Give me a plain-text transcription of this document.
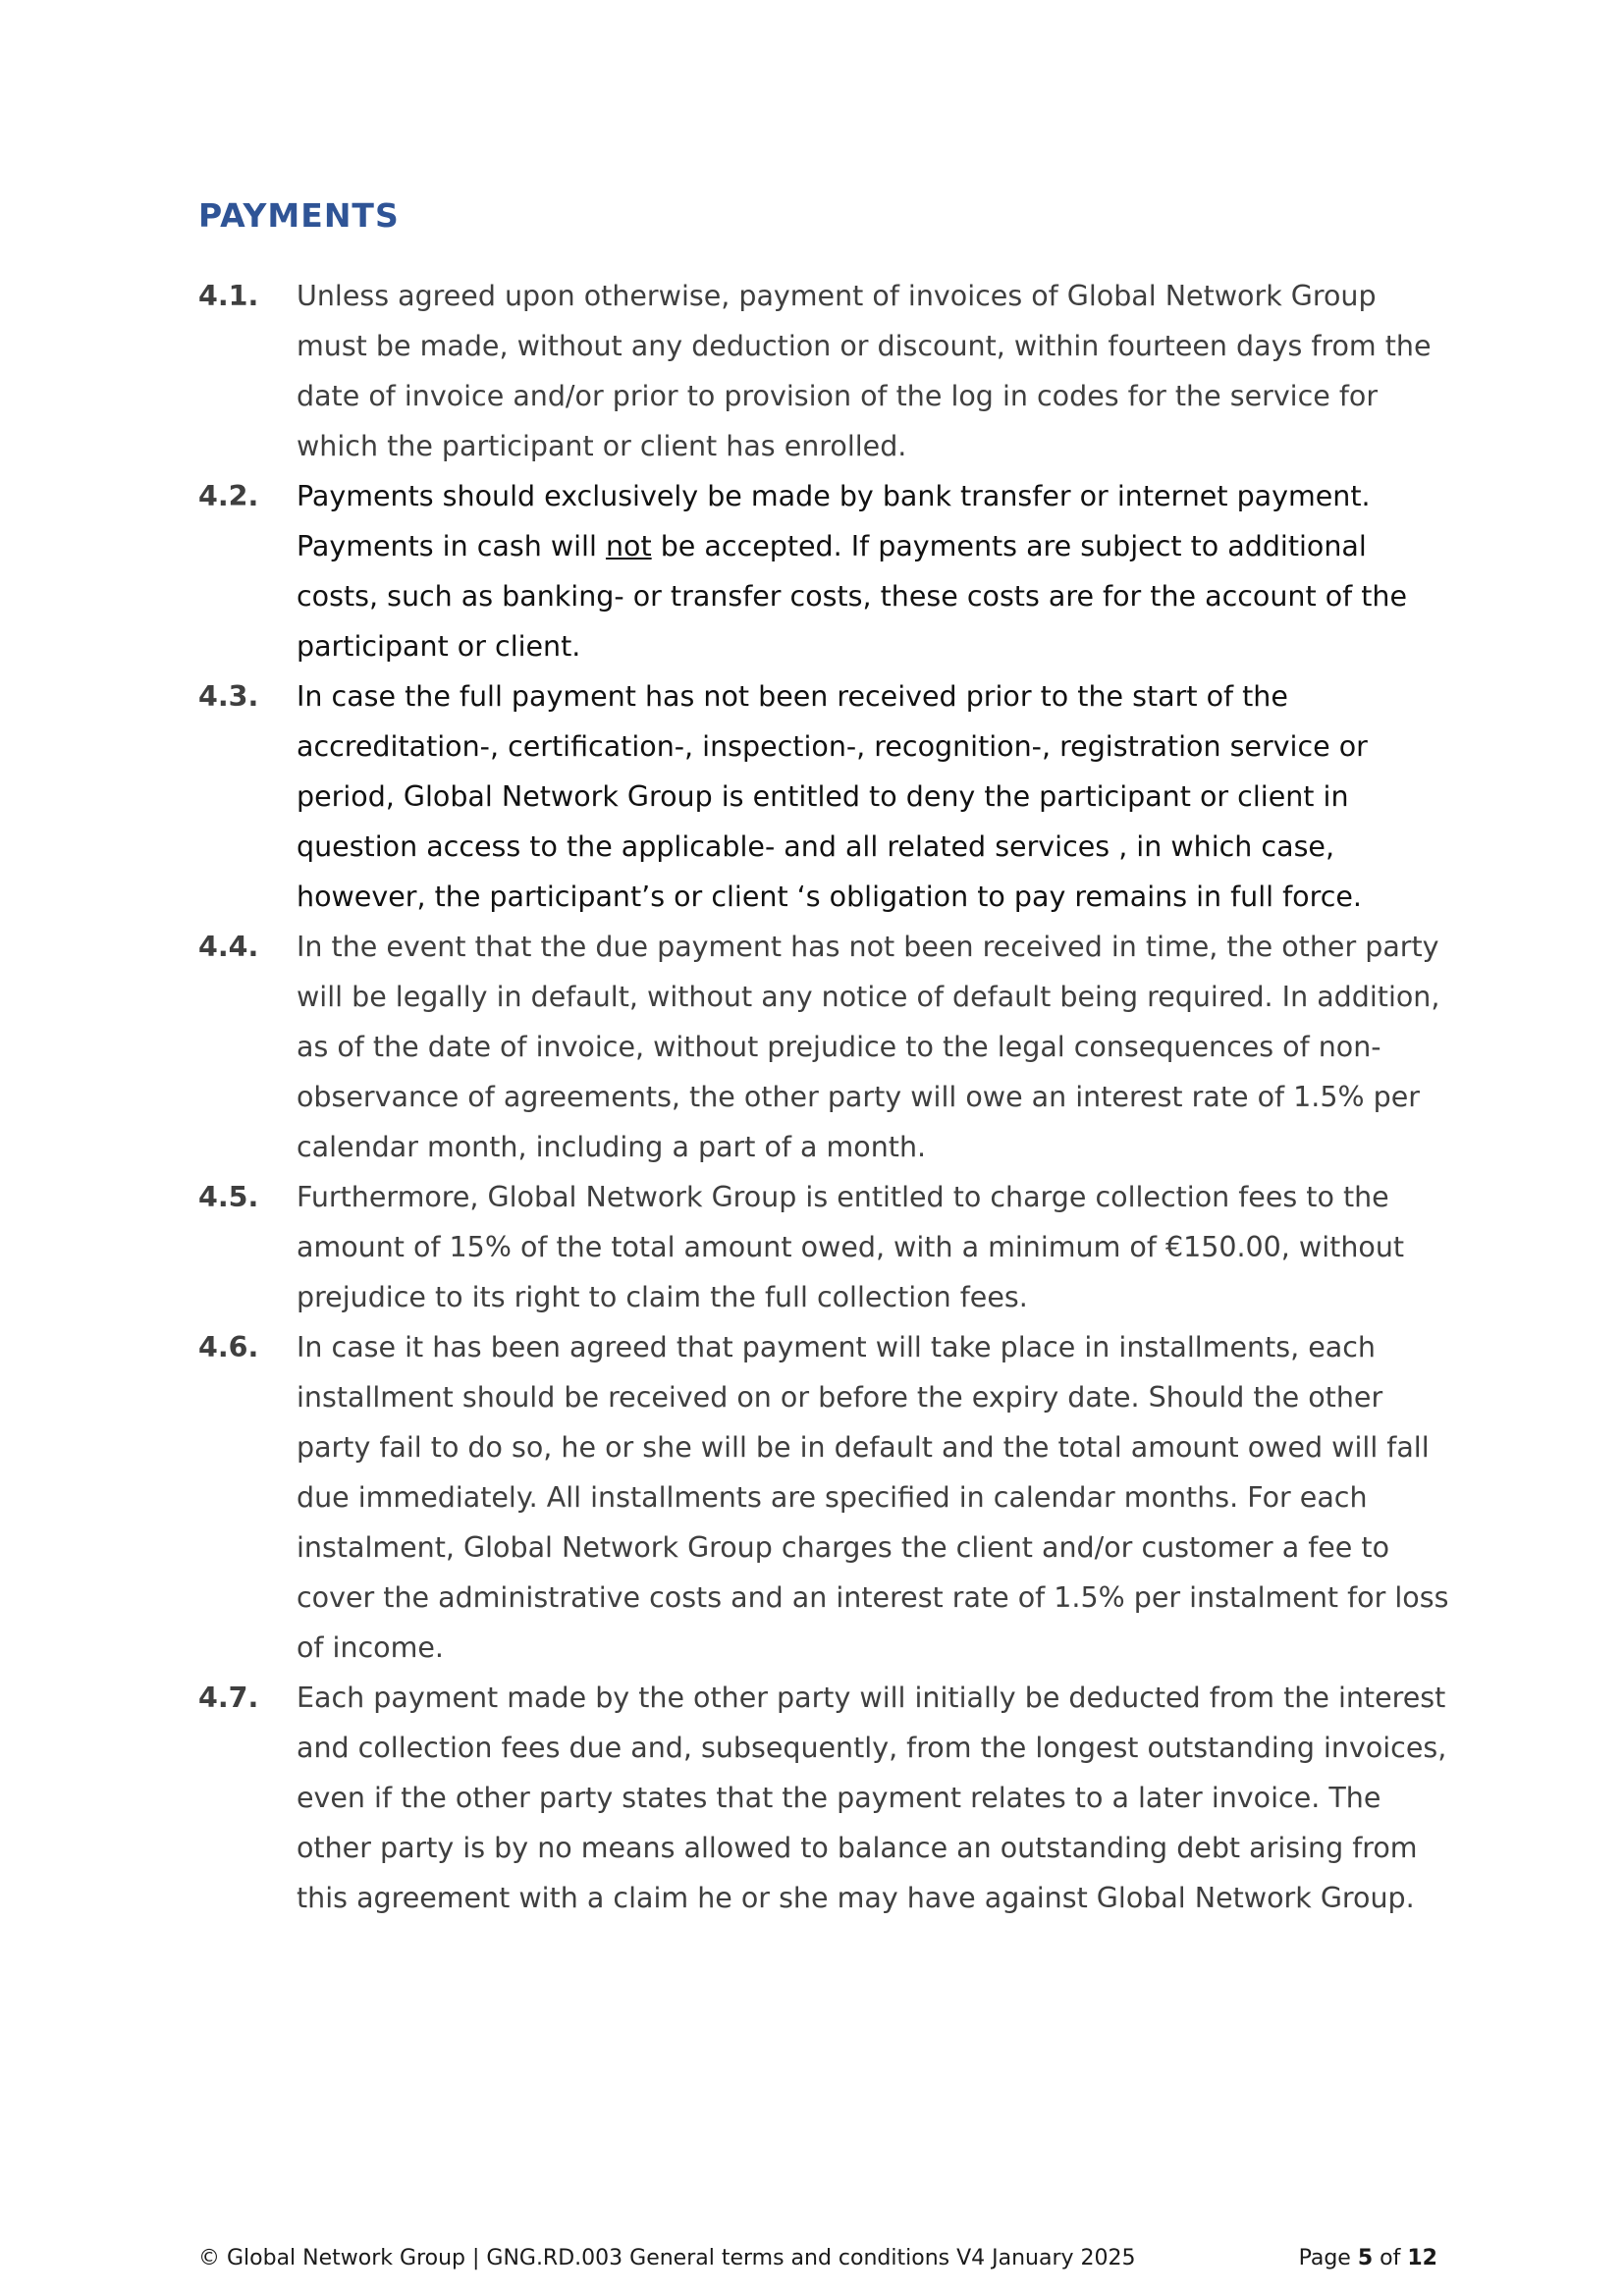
PAYMENTS
4.1. Unless agreed upon otherwise, payment of invoices of Global Network Group must be made, without any deduction or discount, within fourteen days from the date of invoice and/or prior to provision of the log in codes for the service for which the participant or client has enrolled.
4.2. Payments should exclusively be made by bank transfer or internet payment. Payments in cash will not be accepted. If payments are subject to additional costs, such as banking- or transfer costs, these costs are for the account of the participant or client.
4.3. In case the full payment has not been received prior to the start of the accreditation-, certification-, inspection-, recognition-, registration service or period, Global Network Group is entitled to deny the participant or client in question access to the applicable- and all related services , in which case, however, the participant’s or client ‘s obligation to pay remains in full force.
4.4. In the event that the due payment has not been received in time, the other party will be legally in default, without any notice of default being required. In addition, as of the date of invoice, without prejudice to the legal consequences of non-observance of agreements, the other party will owe an interest rate of 1.5% per calendar month, including a part of a month.
4.5. Furthermore, Global Network Group is entitled to charge collection fees to the amount of 15% of the total amount owed, with a minimum of €150.00, without prejudice to its right to claim the full collection fees.
4.6. In case it has been agreed that payment will take place in installments, each installment should be received on or before the expiry date. Should the other party fail to do so, he or she will be in default and the total amount owed will fall due immediately. All installments are specified in calendar months. For each instalment, Global Network Group charges the client and/or customer a fee to cover the administrative costs and an interest rate of 1.5% per instalment for loss of income.
4.7. Each payment made by the other party will initially be deducted from the interest and collection fees due and, subsequently, from the longest outstanding invoices, even if the other party states that the payment relates to a later invoice. The other party is by no means allowed to balance an outstanding debt arising from this agreement with a claim he or she may have against Global Network Group.
© Global Network Group | GNG.RD.003 General terms and conditions V4 January 2025	Page 5 of 12
